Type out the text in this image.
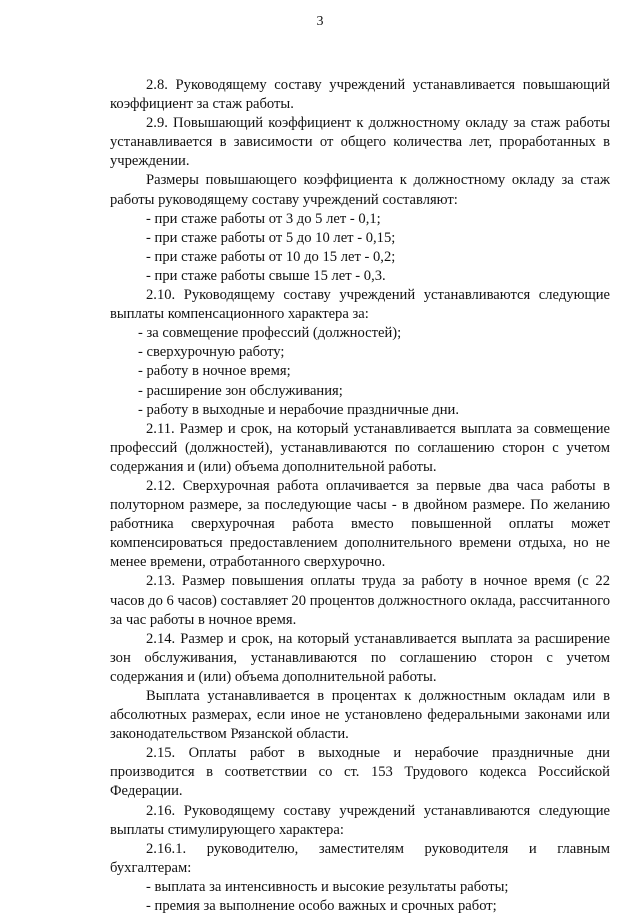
3

2.8. Руководящему составу учреждений устанавливается повышающий коэффициент за стаж работы.

2.9. Повышающий коэффициент к должностному окладу за стаж работы устанавливается в зависимости от общего количества лет, проработанных в учреждении.

Размеры повышающего коэффициента к должностному окладу за стаж работы руководящему составу учреждений составляют:

- при стаже работы от 3 до 5 лет - 0,1;

- при стаже работы от 5 до 10 лет - 0,15;

- при стаже работы от 10 до 15 лет - 0,2;

- при стаже работы свыше 15 лет - 0,3.

2.10. Руководящему составу учреждений устанавливаются следующие выплаты компенсационного характера за:

- за совмещение профессий (должностей);

- сверхурочную работу;

- работу в ночное время;

- расширение зон обслуживания;

- работу в выходные и нерабочие праздничные дни.

2.11. Размер и срок, на который устанавливается выплата за совмещение профессий (должностей), устанавливаются по соглашению сторон с учетом содержания и (или) объема дополнительной работы.

2.12. Сверхурочная работа оплачивается за первые два часа работы в полуторном размере, за последующие часы - в двойном размере. По желанию работника сверхурочная работа вместо повышенной оплаты может компенсироваться предоставлением дополнительного времени отдыха, но не менее времени, отработанного сверхурочно.

2.13. Размер повышения оплаты труда за работу в ночное время (с 22 часов до 6 часов) составляет 20 процентов должностного оклада, рассчитанного за час работы в ночное время.

2.14. Размер и срок, на который устанавливается выплата за расширение зон обслуживания, устанавливаются по соглашению сторон с учетом содержания и (или) объема дополнительной работы.

Выплата устанавливается в процентах к должностным окладам или в абсолютных размерах, если иное не установлено федеральными законами или законодательством Рязанской области.

2.15. Оплаты работ в выходные и нерабочие праздничные дни производится в соответствии со ст. 153 Трудового кодекса Российской Федерации.

2.16. Руководящему составу учреждений устанавливаются следующие выплаты стимулирующего характера:

2.16.1. руководителю, заместителям руководителя и главным бухгалтерам:

- выплата за интенсивность и высокие результаты работы;

- премия за выполнение особо важных и срочных работ;
